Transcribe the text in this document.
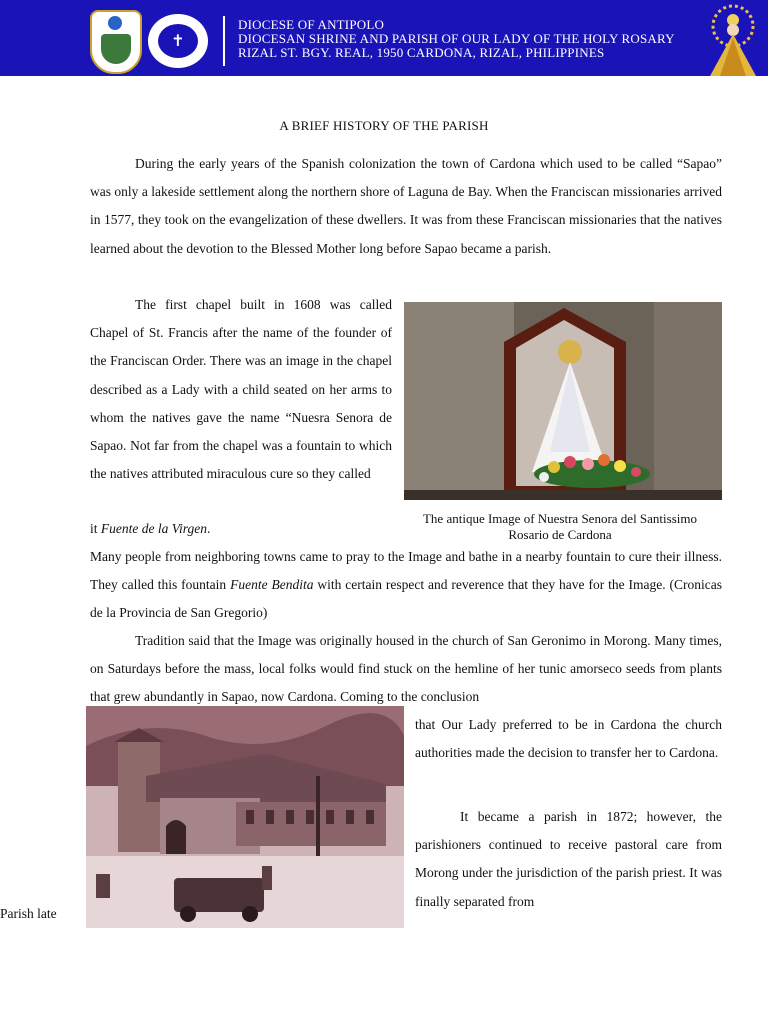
✝
DIOCESE OF ANTIPOLO
DIOCESAN SHRINE AND PARISH OF OUR LADY OF THE HOLY ROSARY
RIZAL ST. BGY. REAL, 1950 CARDONA, RIZAL, PHILIPPINES
A BRIEF HISTORY OF THE PARISH
During the early years of the Spanish colonization the town of Cardona which used to be called “Sapao” was only a lakeside settlement along the northern shore of Laguna de Bay. When the Franciscan missionaries arrived in 1577, they took on the evangelization of these dwellers. It was from these Franciscan missionaries that the natives learned about the devotion to the Blessed Mother long before Sapao became a parish.
The first chapel built in 1608 was called Chapel of St. Francis after the name of the founder of the Franciscan Order. There was an image in the chapel described as a Lady with a child seated on her arms to whom the natives gave the name “Nuesra Senora de Sapao. Not far from the chapel was a fountain to which the natives attributed miraculous cure so they called
it Fuente de la Virgen.
The antique Image of Nuestra Senora del Santissimo Rosario de Cardona
Many people from neighboring towns came to pray to the Image and bathe in a nearby fountain to cure their illness. They called this fountain Fuente Bendita with certain respect and reverence that they have for the Image. (Cronicas de la Provincia de San Gregorio)
Tradition said that the Image was originally housed in the church of San Geronimo in Morong. Many times, on Saturdays before the mass, local folks would find stuck on the hemline of her tunic amorseco seeds from plants that grew abundantly in Sapao, now Cardona. Coming to the conclusion
that Our Lady preferred to be in Cardona the church authorities made the decision to transfer her to Cardona.
It became a parish in 1872; however, the parishioners continued to receive pastoral care from Morong under the jurisdiction of the parish priest. It was finally separated from
Parish late
